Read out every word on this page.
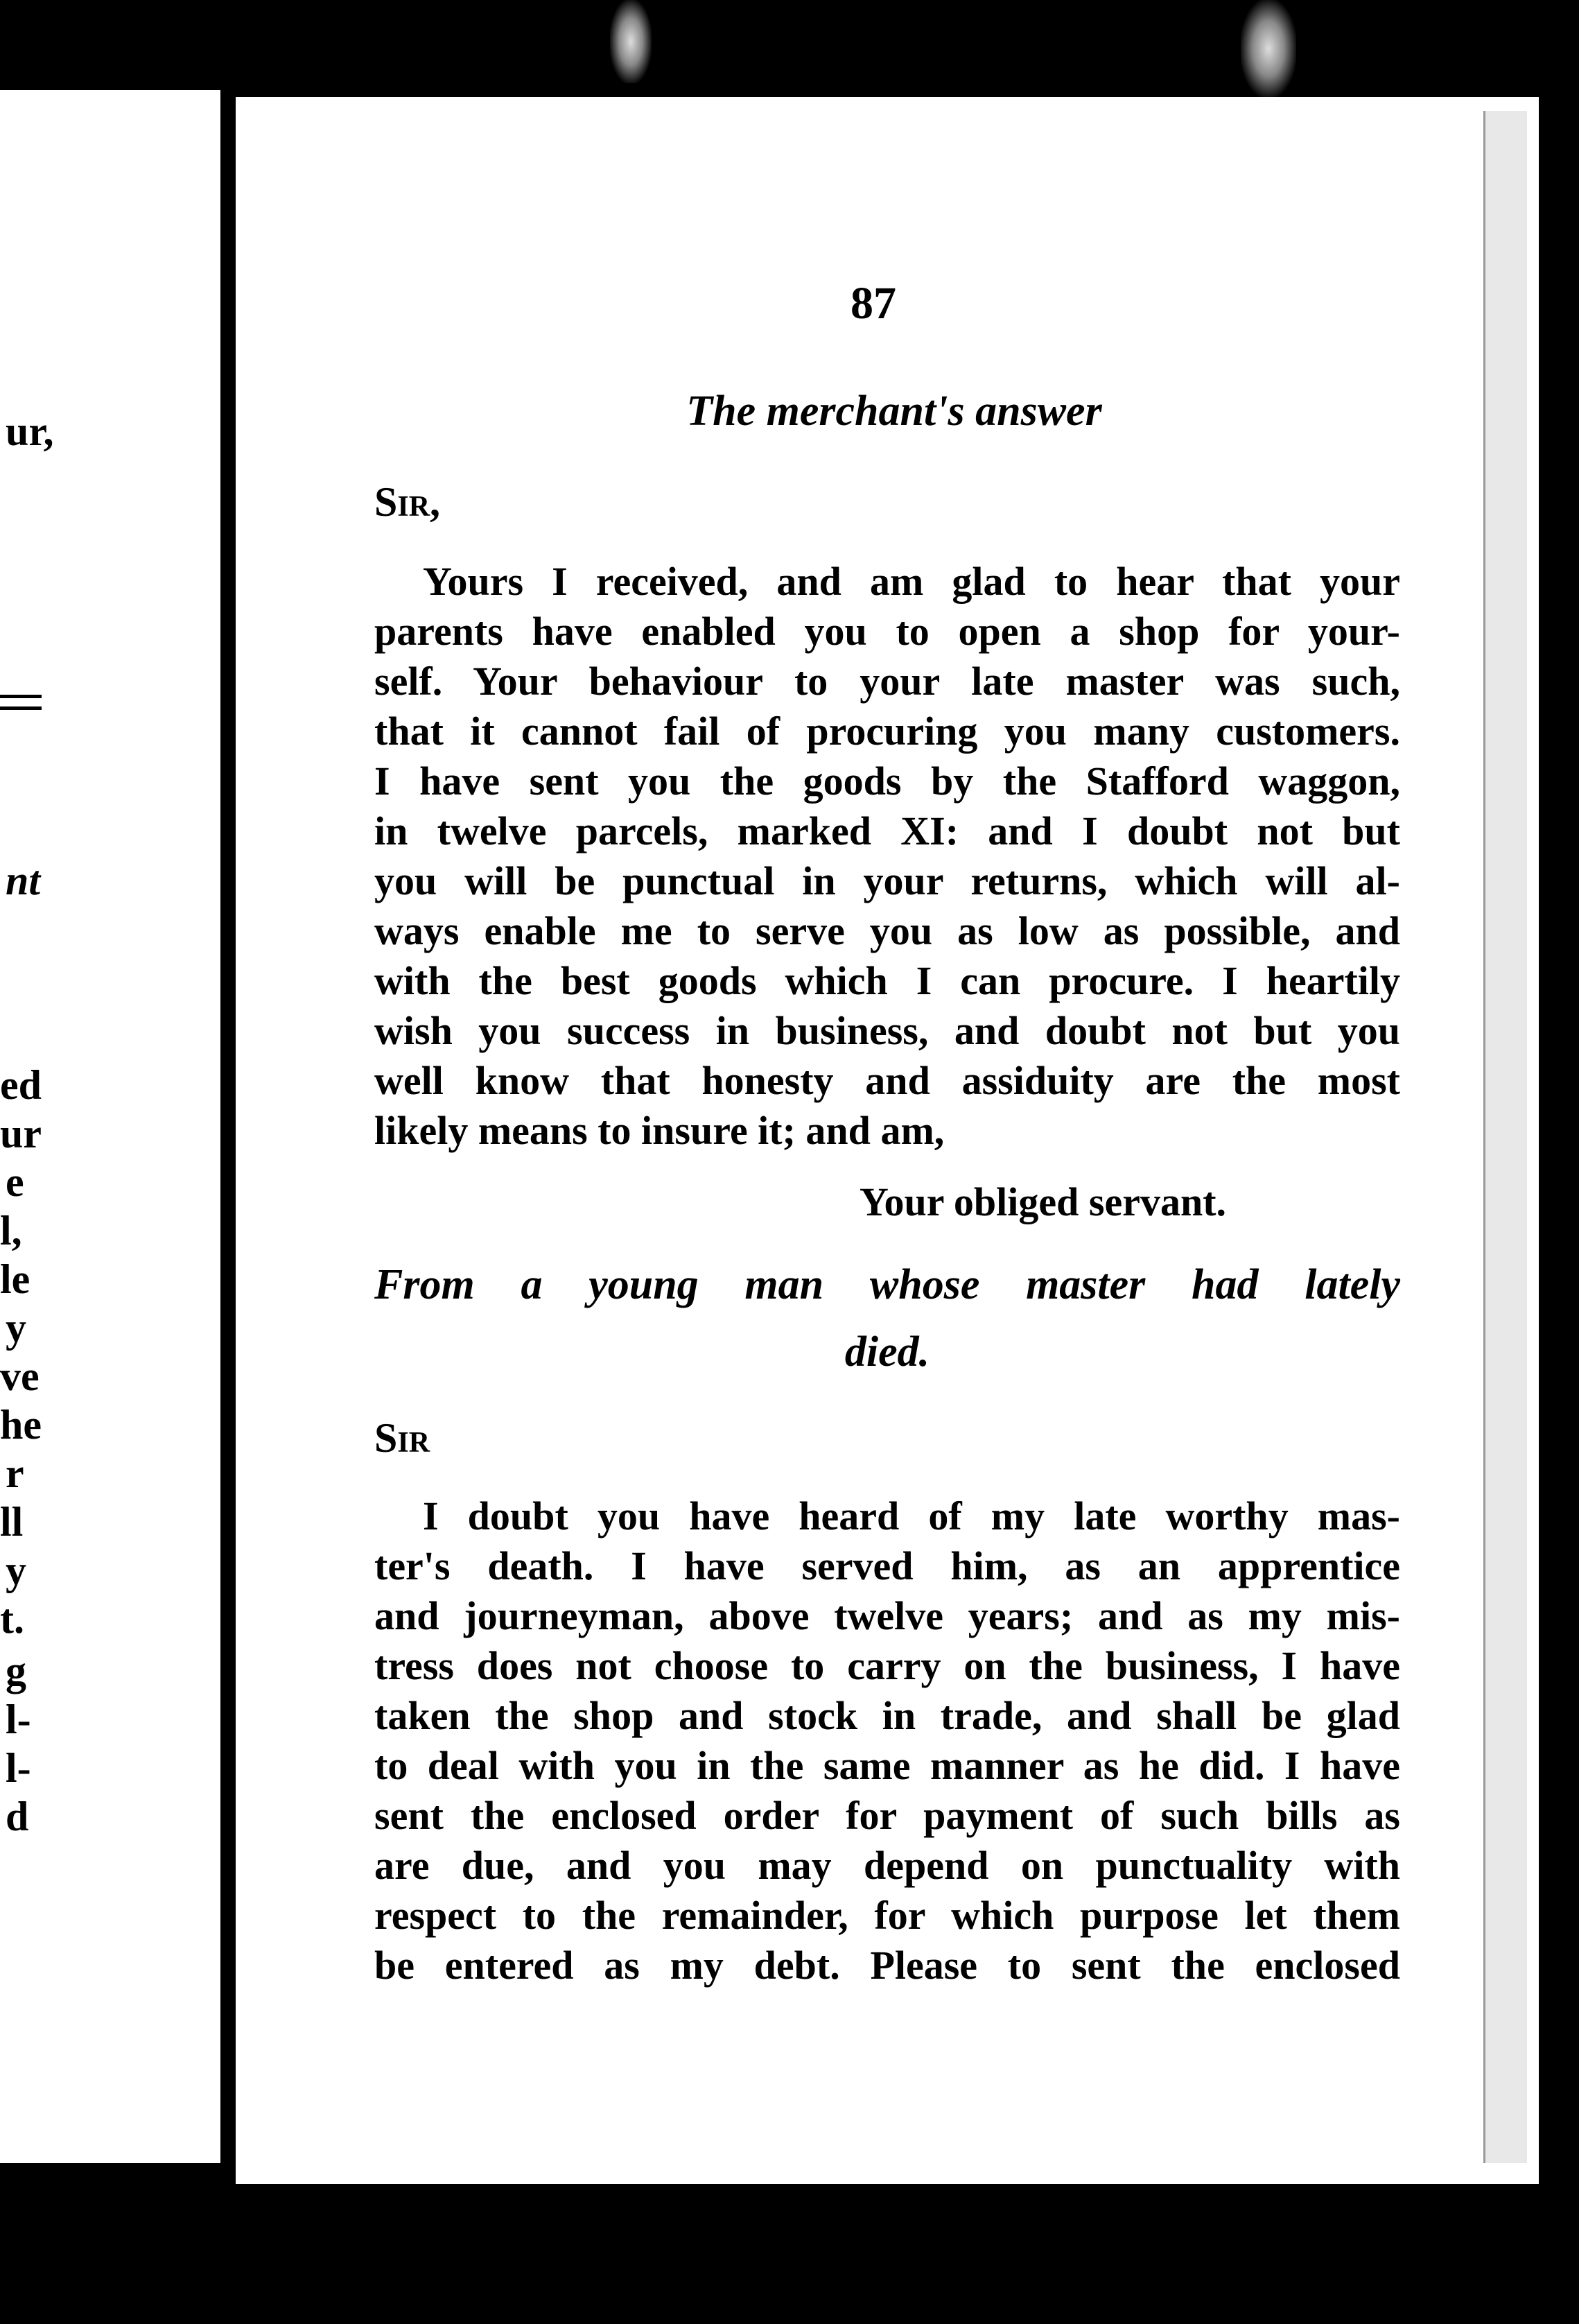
ur,
nt
ed
ur
e
l,
le
y
ve
he
r
ll
y
t.
g
l-
l-
d
87
The merchant's answer
Sir,
Yours I received, and am glad to hear that your
parents have enabled you to open a shop for your-
self. Your behaviour to your late master was such,
that it cannot fail of procuring you many customers.
I have sent you the goods by the Stafford waggon,
in twelve parcels, marked XI: and I doubt not but
you will be punctual in your returns, which will al-
ways enable me to serve you as low as possible, and
with the best goods which I can procure. I heartily
wish you success in business, and doubt not but you
well know that honesty and assiduity are the most
likely means to insure it; and am,
Your obliged servant.
From a young man whose master had lately
died.
Sir
I doubt you have heard of my late worthy mas-
ter's death. I have served him, as an apprentice
and journeyman, above twelve years; and as my mis-
tress does not choose to carry on the business, I have
taken the shop and stock in trade, and shall be glad
to deal with you in the same manner as he did. I have
sent the enclosed order for payment of such bills as
are due, and you may depend on punctuality with
respect to the remainder, for which purpose let them
be entered as my debt. Please to sent the enclosed
